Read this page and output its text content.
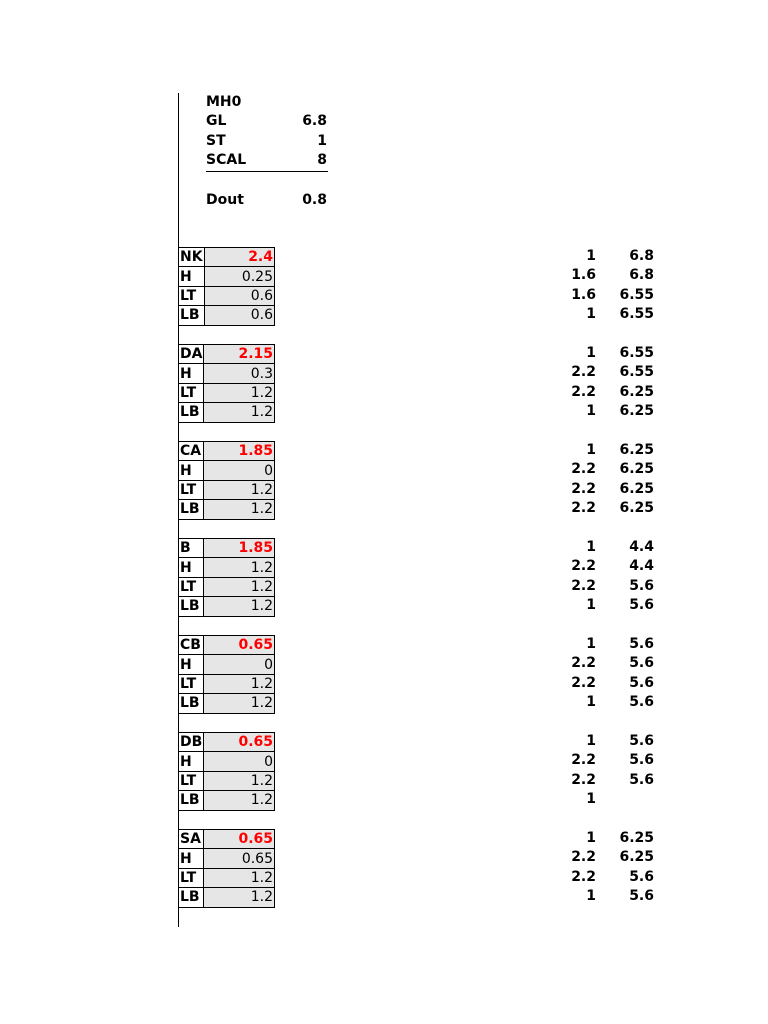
MH0
GL	6.8
ST	1
SCAL	8
Dout	0.8
NK	2.4
H	0.25
LT	0.6
LB	0.6
1 6.8
1.6 6.8
1.6 6.55
1 6.55
DA	2.15
H	0.3
LT	1.2
LB	1.2
1 6.55
2.2 6.55
2.2 6.25
1 6.25
CA	1.85
H	0
LT	1.2
LB	1.2
1 6.25
2.2 6.25
2.2 6.25
2.2 6.25
B	1.85
H	1.2
LT	1.2
LB	1.2
1 4.4
2.2 4.4
2.2 5.6
1 5.6
CB	0.65
H	0
LT	1.2
LB	1.2
1 5.6
2.2 5.6
2.2 5.6
1 5.6
DB	0.65
H	0
LT	1.2
LB	1.2
1 5.6
2.2 5.6
2.2 5.6
1
SA	0.65
H	0.65
LT	1.2
LB	1.2
1 6.25
2.2 6.25
2.2 5.6
1 5.6
